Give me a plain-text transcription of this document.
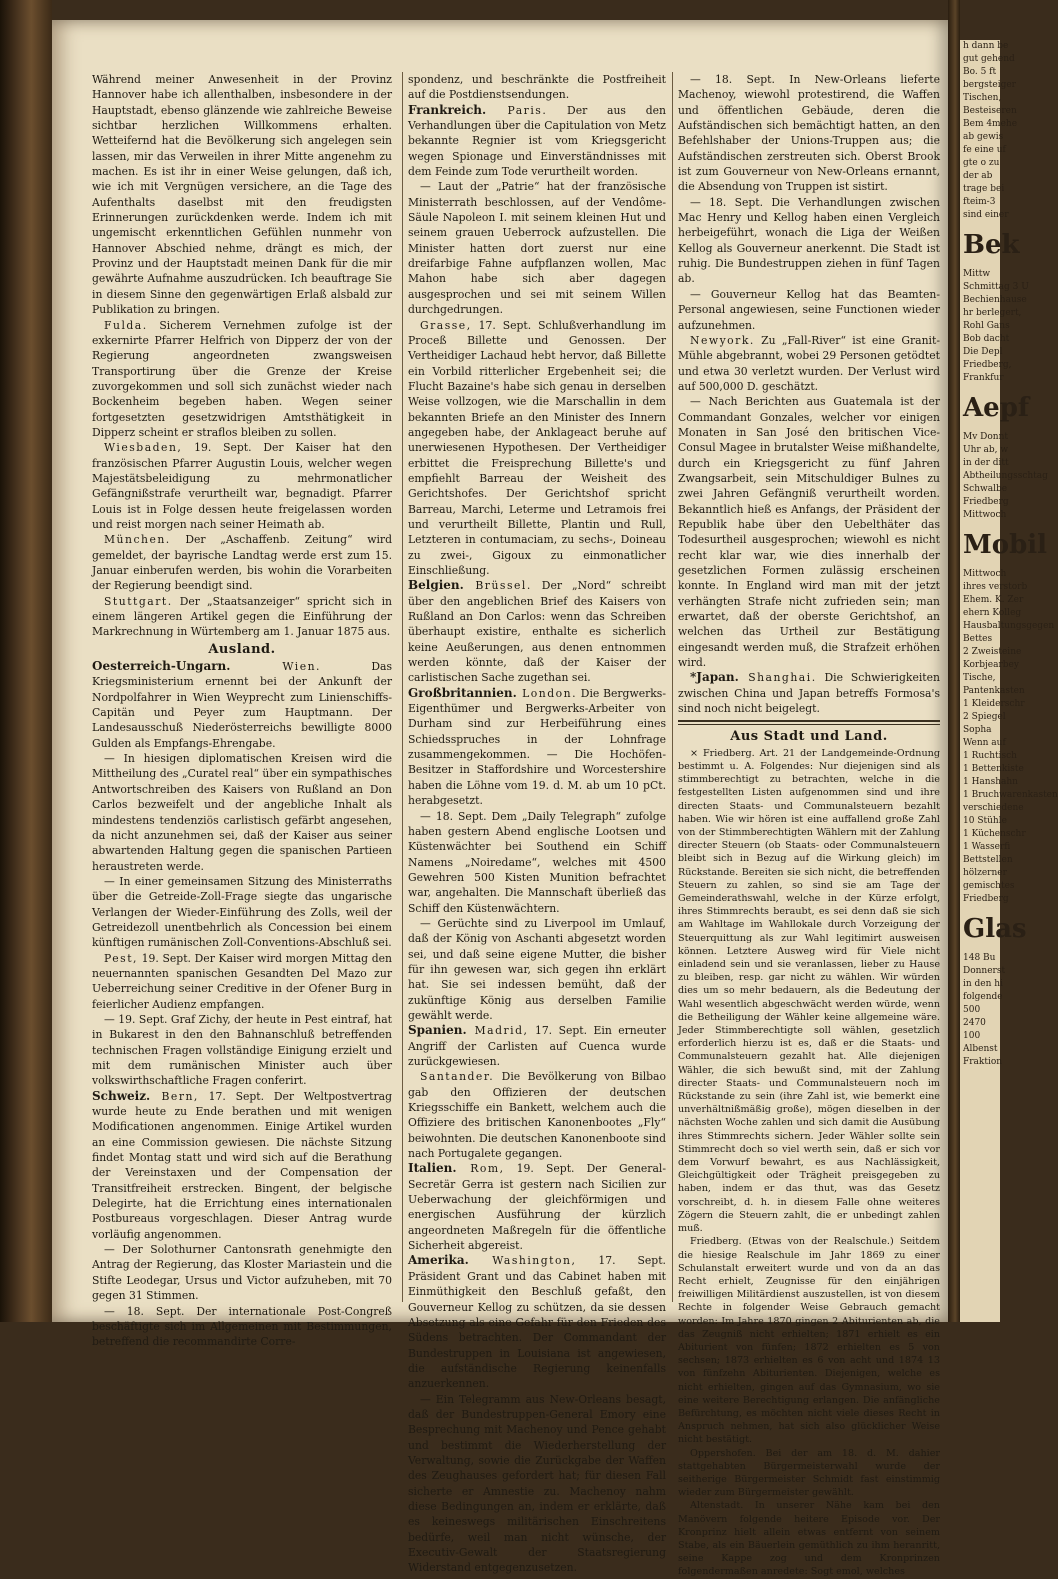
Während meiner Anwesenheit in der Provinz Hannover habe ich allenthalben, insbesondere in der Hauptstadt, ebenso glänzende wie zahlreiche Beweise sichtbar herzlichen Willkommens erhalten. Wetteifernd hat die Bevölkerung sich angelegen sein lassen, mir das Verweilen in ihrer Mitte angenehm zu machen. Es ist ihr in einer Weise gelungen, daß ich, wie ich mit Vergnügen versichere, an die Tage des Aufenthalts daselbst mit den freudigsten Erinnerungen zurückdenken werde. Indem ich mit ungemischt erkenntlichen Gefühlen nunmehr von Hannover Abschied nehme, drängt es mich, der Provinz und der Hauptstadt meinen Dank für die mir gewährte Aufnahme auszudrücken. Ich beauftrage Sie in diesem Sinne den gegenwärtigen Erlaß alsbald zur Publikation zu bringen.

Fulda. Sicherem Vernehmen zufolge ist der exkernirte Pfarrer Helfrich von Dipperz der von der Regierung angeordneten zwangsweisen Transportirung über die Grenze der Kreise zuvorgekommen und soll sich zunächst wieder nach Bockenheim begeben haben. Wegen seiner fortgesetzten gesetzwidrigen Amtsthätigkeit in Dipperz scheint er straflos bleiben zu sollen.

Wiesbaden, 19. Sept. Der Kaiser hat den französischen Pfarrer Augustin Louis, welcher wegen Majestätsbeleidigung zu mehrmonatlicher Gefängnißstrafe verurtheilt war, begnadigt. Pfarrer Louis ist in Folge dessen heute freigelassen worden und reist morgen nach seiner Heimath ab.

München. Der „Aschaffenb. Zeitung“ wird gemeldet, der bayrische Landtag werde erst zum 15. Januar einberufen werden, bis wohin die Vorarbeiten der Regierung beendigt sind.

Stuttgart. Der „Staatsanzeiger“ spricht sich in einem längeren Artikel gegen die Einführung der Markrechnung in Würtemberg am 1. Januar 1875 aus.

Ausland.

Oesterreich-Ungarn. Wien. Das Kriegsministerium ernennt bei der Ankunft der Nordpolfahrer in Wien Weyprecht zum Linienschiffs-Capitän und Peyer zum Hauptmann. Der Landesausschuß Niederösterreichs bewilligte 8000 Gulden als Empfangs-Ehrengabe.

— In hiesigen diplomatischen Kreisen wird die Mittheilung des „Curatel real“ über ein sympathisches Antwortschreiben des Kaisers von Rußland an Don Carlos bezweifelt und der angebliche Inhalt als mindestens tendenziös carlistisch gefärbt angesehen, da nicht anzunehmen sei, daß der Kaiser aus seiner abwartenden Haltung gegen die spanischen Partieen heraustreten werde.

— In einer gemeinsamen Sitzung des Ministerraths über die Getreide-Zoll-Frage siegte das ungarische Verlangen der Wieder-Einführung des Zolls, weil der Getreidezoll unentbehrlich als Concession bei einem künftigen rumänischen Zoll-Conventions-Abschluß sei.

Pest, 19. Sept. Der Kaiser wird morgen Mittag den neuernannten spanischen Gesandten Del Mazo zur Ueberreichung seiner Creditive in der Ofener Burg in feierlicher Audienz empfangen.

— 19. Sept. Graf Zichy, der heute in Pest eintraf, hat in Bukarest in den den Bahnanschluß betreffenden technischen Fragen vollständige Einigung erzielt und mit dem rumänischen Minister auch über volkswirthschaftliche Fragen conferirt.

Schweiz. Bern, 17. Sept. Der Weltpostvertrag wurde heute zu Ende berathen und mit wenigen Modificationen angenommen. Einige Artikel wurden an eine Commission gewiesen. Die nächste Sitzung findet Montag statt und wird sich auf die Berathung der Vereinstaxen und der Compensation der Transitfreiheit erstrecken. Bingent, der belgische Delegirte, hat die Errichtung eines internationalen Postbureaus vorgeschlagen. Dieser Antrag wurde vorläufig angenommen.

— Der Solothurner Cantonsrath genehmigte den Antrag der Regierung, das Kloster Mariastein und die Stifte Leodegar, Ursus und Victor aufzuheben, mit 70 gegen 31 Stimmen.

— 18. Sept. Der internationale Post-Congreß beschäftigte sich im Allgemeinen mit Bestimmungen, betreffend die recommandirte Corre-

spondenz, und beschränkte die Postfreiheit auf die Postdienstsendungen.

Frankreich. Paris. Der aus den Verhandlungen über die Capitulation von Metz bekannte Regnier ist vom Kriegsgericht wegen Spionage und Einverständnisses mit dem Feinde zum Tode verurtheilt worden.

— Laut der „Patrie“ hat der französische Ministerrath beschlossen, auf der Vendôme-Säule Napoleon I. mit seinem kleinen Hut und seinem grauen Ueberrock aufzustellen. Die Minister hatten dort zuerst nur eine dreifarbige Fahne aufpflanzen wollen, Mac Mahon habe sich aber dagegen ausgesprochen und sei mit seinem Willen durchgedrungen.

Grasse, 17. Sept. Schlußverhandlung im Proceß Billette und Genossen. Der Vertheidiger Lachaud hebt hervor, daß Billette ein Vorbild ritterlicher Ergebenheit sei; die Flucht Bazaine's habe sich genau in derselben Weise vollzogen, wie die Marschallin in dem bekannten Briefe an den Minister des Innern angegeben habe, der Anklageact beruhe auf unerwiesenen Hypothesen. Der Vertheidiger erbittet die Freisprechung Billette's und empfiehlt Barreau der Weisheit des Gerichtshofes. Der Gerichtshof spricht Barreau, Marchi, Leterme und Letramois frei und verurtheilt Billette, Plantin und Rull, Letzteren in contumaciam, zu sechs-, Doineau zu zwei-, Gigoux zu einmonatlicher Einschließung.

Belgien. Brüssel. Der „Nord“ schreibt über den angeblichen Brief des Kaisers von Rußland an Don Carlos: wenn das Schreiben überhaupt existire, enthalte es sicherlich keine Aeußerungen, aus denen entnommen werden könnte, daß der Kaiser der carlistischen Sache zugethan sei.

Großbritannien. London. Die Bergwerks-Eigenthümer und Bergwerks-Arbeiter von Durham sind zur Herbeiführung eines Schiedsspruches in der Lohnfrage zusammengekommen. — Die Hochöfen-Besitzer in Staffordshire und Worcestershire haben die Löhne vom 19. d. M. ab um 10 pCt. herabgesetzt.

— 18. Sept. Dem „Daily Telegraph“ zufolge haben gestern Abend englische Lootsen und Küstenwächter bei Southend ein Schiff Namens „Noiredame“, welches mit 4500 Gewehren 500 Kisten Munition befrachtet war, angehalten. Die Mannschaft überließ das Schiff den Küstenwächtern.

— Gerüchte sind zu Liverpool im Umlauf, daß der König von Aschanti abgesetzt worden sei, und daß seine eigene Mutter, die bisher für ihn gewesen war, sich gegen ihn erklärt hat. Sie sei indessen bemüht, daß der zukünftige König aus derselben Familie gewählt werde.

Spanien. Madrid, 17. Sept. Ein erneuter Angriff der Carlisten auf Cuenca wurde zurückgewiesen.

Santander. Die Bevölkerung von Bilbao gab den Offizieren der deutschen Kriegsschiffe ein Bankett, welchem auch die Offiziere des britischen Kanonenbootes „Fly“ beiwohnten. Die deutschen Kanonenboote sind nach Portugalete gegangen.

Italien. Rom, 19. Sept. Der General-Secretär Gerra ist gestern nach Sicilien zur Ueberwachung der gleichförmigen und energischen Ausführung der kürzlich angeordneten Maßregeln für die öffentliche Sicherheit abgereist.

Amerika. Washington, 17. Sept. Präsident Grant und das Cabinet haben mit Einmüthigkeit den Beschluß gefaßt, den Gouverneur Kellog zu schützen, da sie dessen Absetzung als eine Gefahr für den Frieden des Südens betrachten. Der Commandant der Bundestruppen in Louisiana ist angewiesen, die aufständische Regierung keinenfalls anzuerkennen.

— Ein Telegramm aus New-Orleans besagt, daß der Bundestruppen-General Emory eine Besprechung mit Machenoy und Pence gehabt und bestimmt die Wiederherstellung der Verwaltung, sowie die Zurückgabe der Waffen des Zeughauses gefordert hat; für diesen Fall sicherte er Amnestie zu. Machenoy nahm diese Bedingungen an, indem er erklärte, daß es keineswegs militärischen Einschreitens bedürfe, weil man nicht wünsche, der Executiv-Gewalt der Staatsregierung Widerstand entgegenzusetzen.

— 18. Sept. In New-Orleans lieferte Machenoy, wiewohl protestirend, die Waffen und öffentlichen Gebäude, deren die Aufständischen sich bemächtigt hatten, an den Befehlshaber der Unions-Truppen aus; die Aufständischen zerstreuten sich. Oberst Brook ist zum Gouverneur von New-Orleans ernannt, die Absendung von Truppen ist sistirt.

— 18. Sept. Die Verhandlungen zwischen Mac Henry und Kellog haben einen Vergleich herbeigeführt, wonach die Liga der Weißen Kellog als Gouverneur anerkennt. Die Stadt ist ruhig. Die Bundestruppen ziehen in fünf Tagen ab.

— Gouverneur Kellog hat das Beamten-Personal angewiesen, seine Functionen wieder aufzunehmen.

Newyork. Zu „Fall-River“ ist eine Granit-Mühle abgebrannt, wobei 29 Personen getödtet und etwa 30 verletzt wurden. Der Verlust wird auf 500,000 D. geschätzt.

— Nach Berichten aus Guatemala ist der Commandant Gonzales, welcher vor einigen Monaten in San José den britischen Vice-Consul Magee in brutalster Weise mißhandelte, durch ein Kriegsgericht zu fünf Jahren Zwangsarbeit, sein Mitschuldiger Bulnes zu zwei Jahren Gefängniß verurtheilt worden. Bekanntlich hieß es Anfangs, der Präsident der Republik habe über den Uebelthäter das Todesurtheil ausgesprochen; wiewohl es nicht recht klar war, wie dies innerhalb der gesetzlichen Formen zulässig erscheinen konnte. In England wird man mit der jetzt verhängten Strafe nicht zufrieden sein; man erwartet, daß der oberste Gerichtshof, an welchen das Urtheil zur Bestätigung eingesandt werden muß, die Strafzeit erhöhen wird.

*Japan. Shanghai. Die Schwierigkeiten zwischen China und Japan betreffs Formosa's sind noch nicht beigelegt.

Aus Stadt und Land.

× Friedberg. Art. 21 der Landgemeinde-Ordnung bestimmt u. A. Folgendes: Nur diejenigen sind als stimmberechtigt zu betrachten, welche in die festgestellten Listen aufgenommen sind und ihre directen Staats- und Communalsteuern bezahlt haben. Wie wir hören ist eine auffallend große Zahl von der Stimmberechtigten Wählern mit der Zahlung directer Steuern (ob Staats- oder Communalsteuern bleibt sich in Bezug auf die Wirkung gleich) im Rückstande. Bereiten sie sich nicht, die betreffenden Steuern zu zahlen, so sind sie am Tage der Gemeinderathswahl, welche in der Kürze erfolgt, ihres Stimmrechts beraubt, es sei denn daß sie sich am Wahltage im Wahllokale durch Vorzeigung der Steuerquittung als zur Wahl legitimirt ausweisen können. Letztere Ausweg wird für Viele nicht einladend sein und sie veranlassen, lieber zu Hause zu bleiben, resp. gar nicht zu wählen. Wir würden dies um so mehr bedauern, als die Bedeutung der Wahl wesentlich abgeschwächt werden würde, wenn die Betheiligung der Wähler keine allgemeine wäre. Jeder Stimmberechtigte soll wählen, gesetzlich erforderlich hierzu ist es, daß er die Staats- und Communalsteuern gezahlt hat. Alle diejenigen Wähler, die sich bewußt sind, mit der Zahlung directer Staats- und Communalsteuern noch im Rückstande zu sein (ihre Zahl ist, wie bemerkt eine unverhältnißmäßig große), mögen dieselben in der nächsten Woche zahlen und sich damit die Ausübung ihres Stimmrechts sichern. Jeder Wähler sollte sein Stimmrecht doch so viel werth sein, daß er sich vor dem Vorwurf bewahrt, es aus Nachlässigkeit, Gleichgültigkeit oder Trägheit preisgegeben zu haben, indem er das thut, was das Gesetz vorschreibt, d. h. in diesem Falle ohne weiteres Zögern die Steuern zahlt, die er unbedingt zahlen muß.

Friedberg. (Etwas von der Realschule.) Seitdem die hiesige Realschule im Jahr 1869 zu einer Schulanstalt erweitert wurde und von da an das Recht erhielt, Zeugnisse für den einjährigen freiwilligen Militärdienst auszustellen, ist von diesem Rechte in folgender Weise Gebrauch gemacht worden: Im Jahre 1870 gingen 2 Abiturienten ab, die das Zeugniß nicht erhielten; 1871 erhielt es ein Abiturient von fünfen; 1872 erhielten es 5 von sechsen; 1873 erhielten es 6 von acht und 1874 13 von fünfzehn Abiturienten. Diejenigen, welche es nicht erhielten, gingen auf das Gymnasium, wo sie eine weitere Berechtigung erlangen. Die anfängliche Befürchtung, es möchten nicht viele dieses Recht in Anspruch nehmen, hat sich also glücklicher Weise nicht bestätigt.

Oppershofen. Bei der am 18. d. M. dahier stattgehabten Bürgermeisterwahl wurde der seitherige Bürgermeister Schmidt fast einstimmig wieder zum Bürgermeister gewählt.

Altenstadt. In unserer Nähe kam bei den Manövern folgende heitere Episode vor. Der Kronprinz hielt allein etwas entfernt von seinem Stabe, als ein Bäuerlein gemüthlich zu ihm heranritt, seine Kappe zog und dem Kronprinzen folgendermaßen anredete: Sogt emol, welches

h dann be
gut gehend
Bo. 5 ft
bergsteiger
Tischen,
Besteiseren
Bem 4mehe
ab gewis
fe eine uf
gte o zu
der ab
trage bei
fteim-3
sind einer
Bek
Mittw
Schmittag 3 U
Bechienhause
hr berlegert,
Rohl Gans
Bob dacht
Die Depl
Friedberg,
Frankfur
Aepf
Mv Donnt
Uhr ab, w
in der ditt
Abtheilungsschtag
Schwalbe
Friedberg
Mittwoch
Mobil
Mittwoch
ihres verstorb
Ehem. K. Zer
ehern Kolleg
Hausbaltungsgegen
Bettes
2 Zweisteine
Korbjearbey
Tische,
Pantenkasten
1 Kleiderschr
2 Spiegel
Sopha
Wenn auf
1 Ruchtisch
1 Bettenkiste
1 Hanshahn
1 Bruchwarenkasten
verschiedene
10 Stühle
1 Küchenschr
1 Wasserfi
Bettstellen
hölzerner
gemischtes
Friedberg
Glas
148 Bu
Donnerst
in den hi
folgende
500
2470
100
Albenst
Fraktion
